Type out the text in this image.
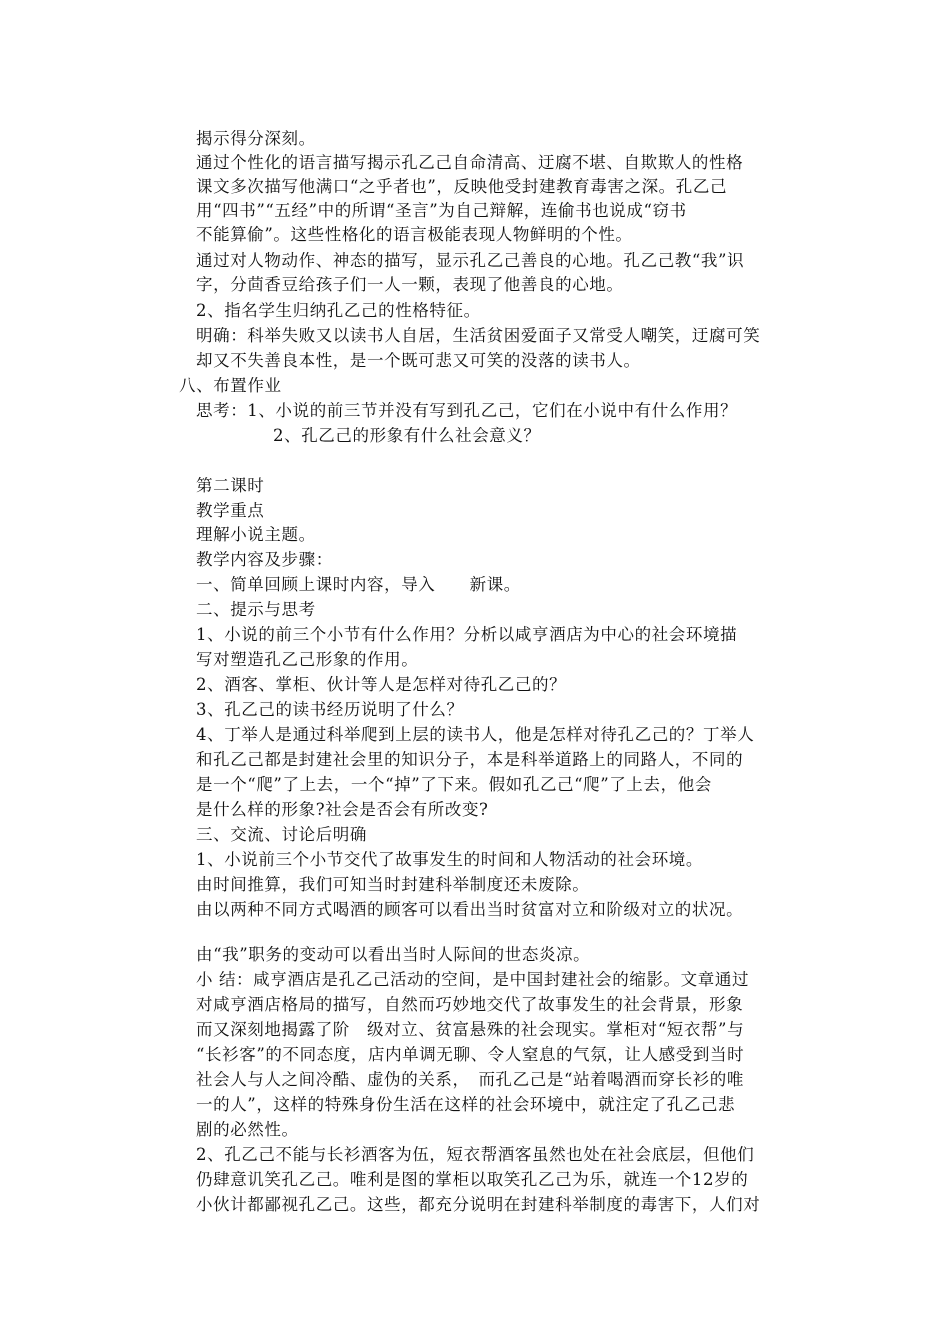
揭示得分深刻。
通过个性化的语言描写揭示孔乙己自命清高、迂腐不堪、自欺欺人的性格
课文多次描写他满口“之乎者也”，反映他受封建教育毒害之深。孔乙己
用“四书”“五经”中的所谓“圣言”为自己辩解，连偷书也说成“窃书
不能算偷”。这些性格化的语言极能表现人物鲜明的个性。
通过对人物动作、神态的描写，显示孔乙己善良的心地。孔乙己教“我”识
字，分茴香豆给孩子们一人一颗，表现了他善良的心地。
2、指名学生归纳孔乙己的性格特征。
明确：科举失败又以读书人自居，生活贫困爱面子又常受人嘲笑，迂腐可笑
却又不失善良本性，是一个既可悲又可笑的没落的读书人。
八、布置作业
思考：1、小说的前三节并没有写到孔乙己，它们在小说中有什么作用？
2、孔乙己的形象有什么社会意义？
第二课时
教学重点
理解小说主题。
教学内容及步骤：
一、简单回顾上课时内容，导入　　新课。
二、提示与思考
1、小说的前三个小节有什么作用？分析以咸亨酒店为中心的社会环境描
写对塑造孔乙己形象的作用。
2、酒客、掌柜、伙计等人是怎样对待孔乙己的？
3、孔乙己的读书经历说明了什么？
4、丁举人是通过科举爬到上层的读书人，他是怎样对待孔乙己的？丁举人
和孔乙己都是封建社会里的知识分子，本是科举道路上的同路人，不同的
是一个“爬”了上去，一个“掉”了下来。假如孔乙己“爬”了上去，他会
是什么样的形象?社会是否会有所改变?
三、交流、讨论后明确
1、小说前三个小节交代了故事发生的时间和人物活动的社会环境。
由时间推算，我们可知当时封建科举制度还未废除。
由以两种不同方式喝酒的顾客可以看出当时贫富对立和阶级对立的状况。
由“我”职务的变动可以看出当时人际间的世态炎凉。
小 结：咸亨酒店是孔乙己活动的空间，是中国封建社会的缩影。文章通过
对咸亨酒店格局的描写，自然而巧妙地交代了故事发生的社会背景，形象
而又深刻地揭露了阶　级对立、贫富悬殊的社会现实。掌柜对“短衣帮”与
“长衫客”的不同态度，店内单调无聊、令人窒息的气氛，让人感受到当时
社会人与人之间冷酷、虚伪的关系，　而孔乙己是“站着喝酒而穿长衫的唯
一的人”，这样的特殊身份生活在这样的社会环境中，就注定了孔乙己悲
剧的必然性。
2、孔乙己不能与长衫酒客为伍，短衣帮酒客虽然也处在社会底层，但他们
仍肆意讥笑孔乙己。唯利是图的掌柜以取笑孔乙己为乐，就连一个12岁的
小伙计都鄙视孔乙己。这些，都充分说明在封建科举制度的毒害下，人们对
